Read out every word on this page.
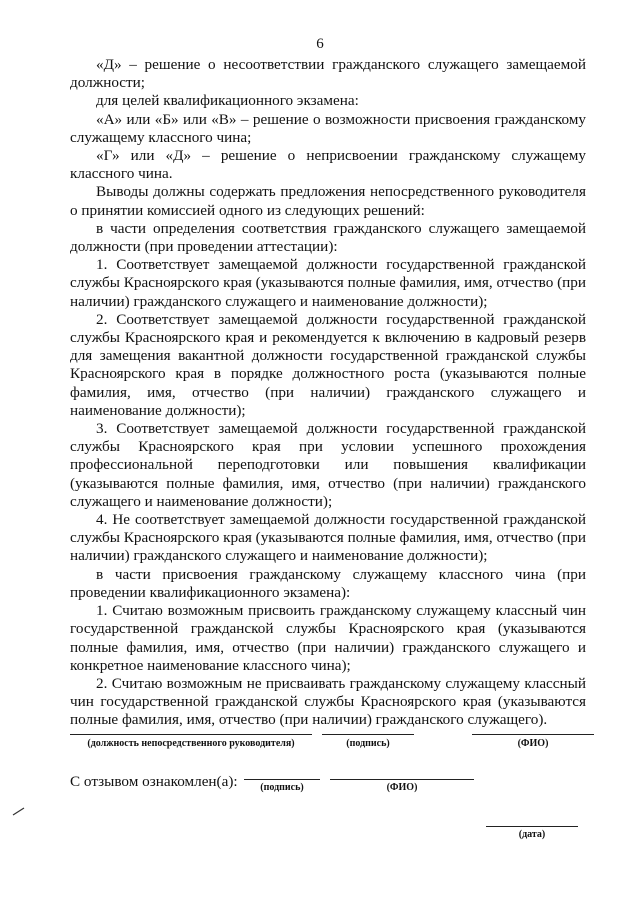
6

«Д» – решение о несоответствии гражданского служащего замещаемой должности;

для целей квалификационного экзамена:

«А» или «Б» или «В» – решение о возможности присвоения гражданскому служащему классного чина;

«Г» или «Д» – решение о неприсвоении гражданскому служащему классного чина.

Выводы должны содержать предложения непосредственного руководителя о принятии комиссией одного из следующих решений:

в части определения соответствия гражданского служащего замещаемой должности (при проведении аттестации):

1. Соответствует замещаемой должности государственной гражданской службы Красноярского края (указываются полные фамилия, имя, отчество (при наличии) гражданского служащего и наименование должности);

2. Соответствует замещаемой должности государственной гражданской службы Красноярского края и рекомендуется к включению в кадровый резерв для замещения вакантной должности государственной гражданской службы Красноярского края в порядке должностного роста (указываются полные фамилия, имя, отчество (при наличии) гражданского служащего и наименование должности);

3. Соответствует замещаемой должности государственной гражданской службы Красноярского края при условии успешного прохождения профессиональной переподготовки или повышения квалификации (указываются полные фамилия, имя, отчество (при наличии) гражданского служащего и наименование должности);

4. Не соответствует замещаемой должности государственной гражданской службы Красноярского края (указываются полные фамилия, имя, отчество (при наличии) гражданского служащего и наименование должности);

в части присвоения гражданскому служащему классного чина (при проведении квалификационного экзамена):

1. Считаю возможным присвоить гражданскому служащему классный чин государственной гражданской службы Красноярского края (указываются полные фамилия, имя, отчество (при наличии) гражданского служащего и конкретное наименование классного чина);

2. Считаю возможным не присваивать гражданскому служащему классный чин государственной гражданской службы Красноярского края (указываются полные фамилия, имя, отчество (при наличии) гражданского служащего).

(должность непосредственного руководителя)	(подпись)	(ФИО)
С отзывом ознакомлен(а):	(подпись)	(ФИО)
(дата)
